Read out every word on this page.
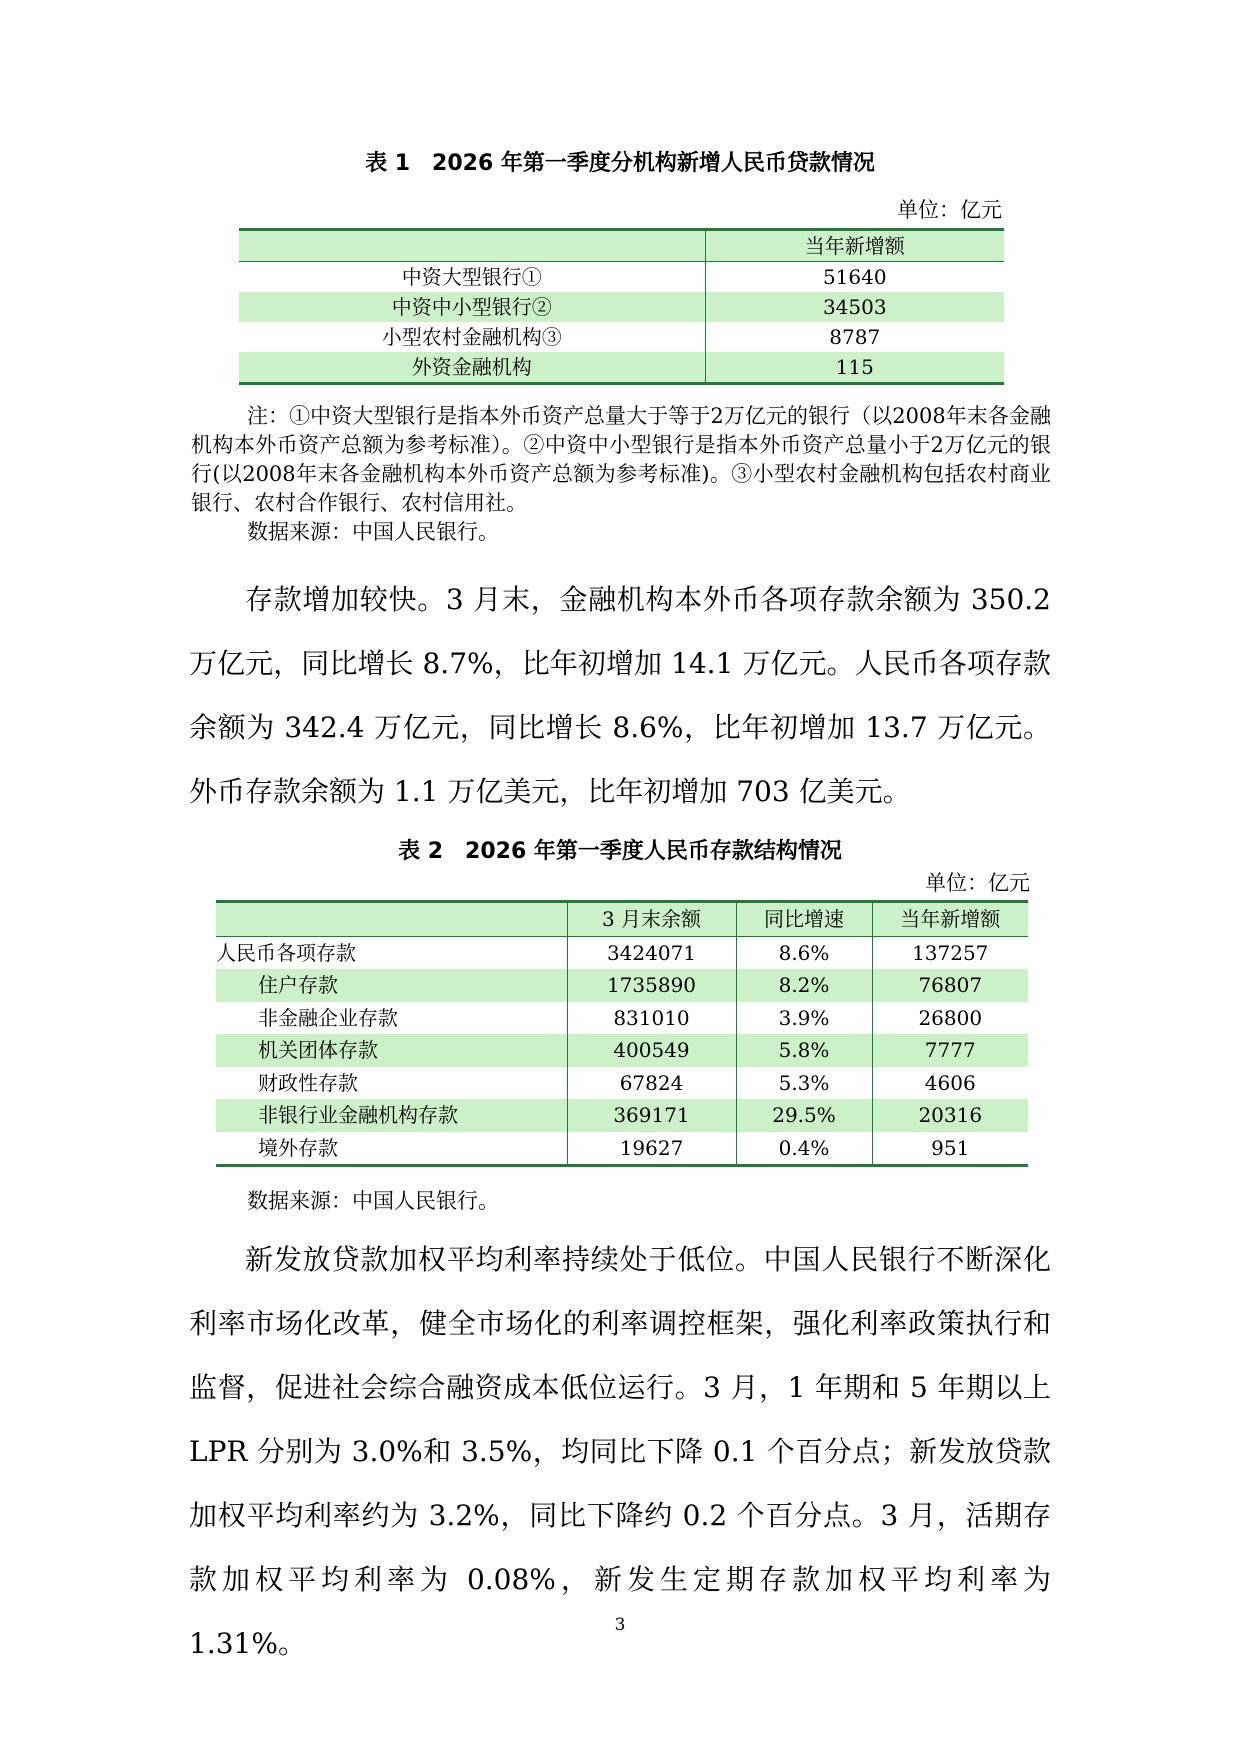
表 1　2026 年第一季度分机构新增人民币贷款情况
单位：亿元
	当年新增额
中资大型银行①	51640
中资中小型银行②	34503
小型农村金融机构③	8787
外资金融机构	115
注：①中资大型银行是指本外币资产总量大于等于2万亿元的银行（以2008年末各金融机构本外币资产总额为参考标准）。②中资中小型银行是指本外币资产总量小于2万亿元的银行(以2008年末各金融机构本外币资产总额为参考标准)。③小型农村金融机构包括农村商业银行、农村合作银行、农村信用社。
数据来源：中国人民银行。
存款增加较快。3 月末，金融机构本外币各项存款余额为 350.2 万亿元，同比增长 8.7%，比年初增加 14.1 万亿元。人民币各项存款余额为 342.4 万亿元，同比增长 8.6%，比年初增加 13.7 万亿元。外币存款余额为 1.1 万亿美元，比年初增加 703 亿美元。
表 2　2026 年第一季度人民币存款结构情况
单位：亿元
	3 月末余额	同比增速	当年新增额
人民币各项存款	3424071	8.6%	137257
住户存款	1735890	8.2%	76807
非金融企业存款	831010	3.9%	26800
机关团体存款	400549	5.8%	7777
财政性存款	67824	5.3%	4606
非银行业金融机构存款	369171	29.5%	20316
境外存款	19627	0.4%	951
数据来源：中国人民银行。
新发放贷款加权平均利率持续处于低位。中国人民银行不断深化利率市场化改革，健全市场化的利率调控框架，强化利率政策执行和监督，促进社会综合融资成本低位运行。3 月，1 年期和 5 年期以上 LPR 分别为 3.0%和 3.5%，均同比下降 0.1 个百分点；新发放贷款加权平均利率约为 3.2%，同比下降约 0.2 个百分点。3 月，活期存款加权平均利率为 0.08%，新发生定期存款加权平均利率为 1.31%。
3
